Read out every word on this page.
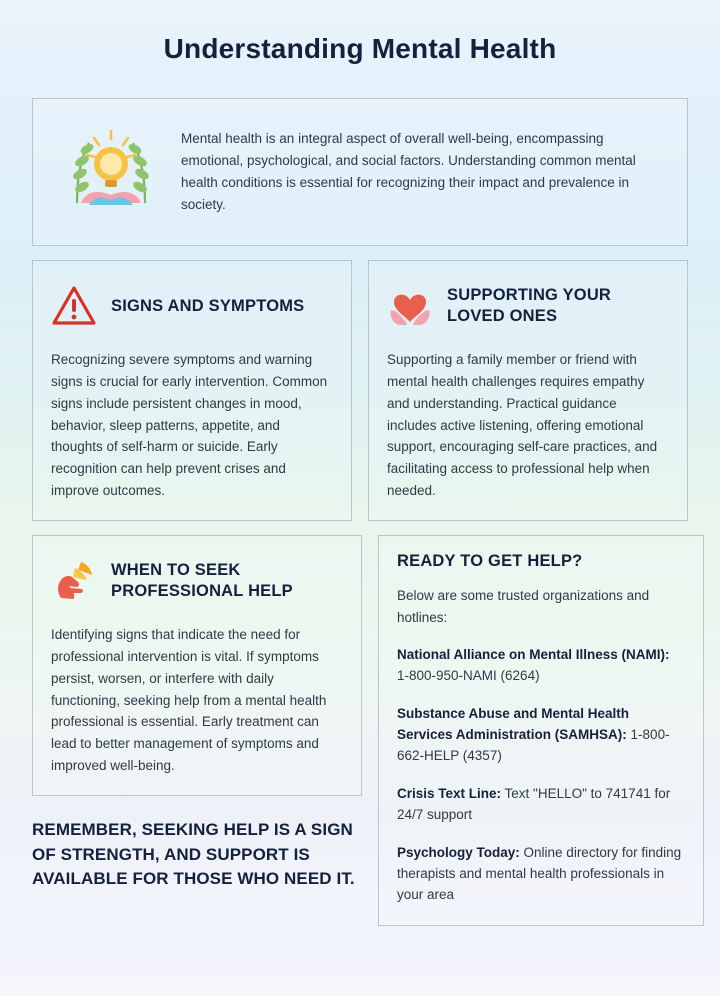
Understanding Mental Health
Mental health is an integral aspect of overall well-being, encompassing emotional, psychological, and social factors. Understanding common mental health conditions is essential for recognizing their impact and prevalence in society.
SIGNS AND SYMPTOMS
Recognizing severe symptoms and warning signs is crucial for early intervention. Common signs include persistent changes in mood, behavior, sleep patterns, appetite, and thoughts of self-harm or suicide. Early recognition can help prevent crises and improve outcomes.
SUPPORTING YOUR LOVED ONES
Supporting a family member or friend with mental health challenges requires empathy and understanding. Practical guidance includes active listening, offering emotional support, encouraging self-care practices, and facilitating access to professional help when needed.
WHEN TO SEEK PROFESSIONAL HELP
Identifying signs that indicate the need for professional intervention is vital. If symptoms persist, worsen, or interfere with daily functioning, seeking help from a mental health professional is essential. Early treatment can lead to better management of symptoms and improved well-being.
REMEMBER, SEEKING HELP IS A SIGN OF STRENGTH, AND SUPPORT IS AVAILABLE FOR THOSE WHO NEED IT.
READY TO GET HELP?
Below are some trusted organizations and hotlines:
National Alliance on Mental Illness (NAMI): 1-800-950-NAMI (6264)
Substance Abuse and Mental Health Services Administration (SAMHSA): 1-800-662-HELP (4357)
Crisis Text Line: Text "HELLO" to 741741 for 24/7 support
Psychology Today: Online directory for finding therapists and mental health professionals in your area
